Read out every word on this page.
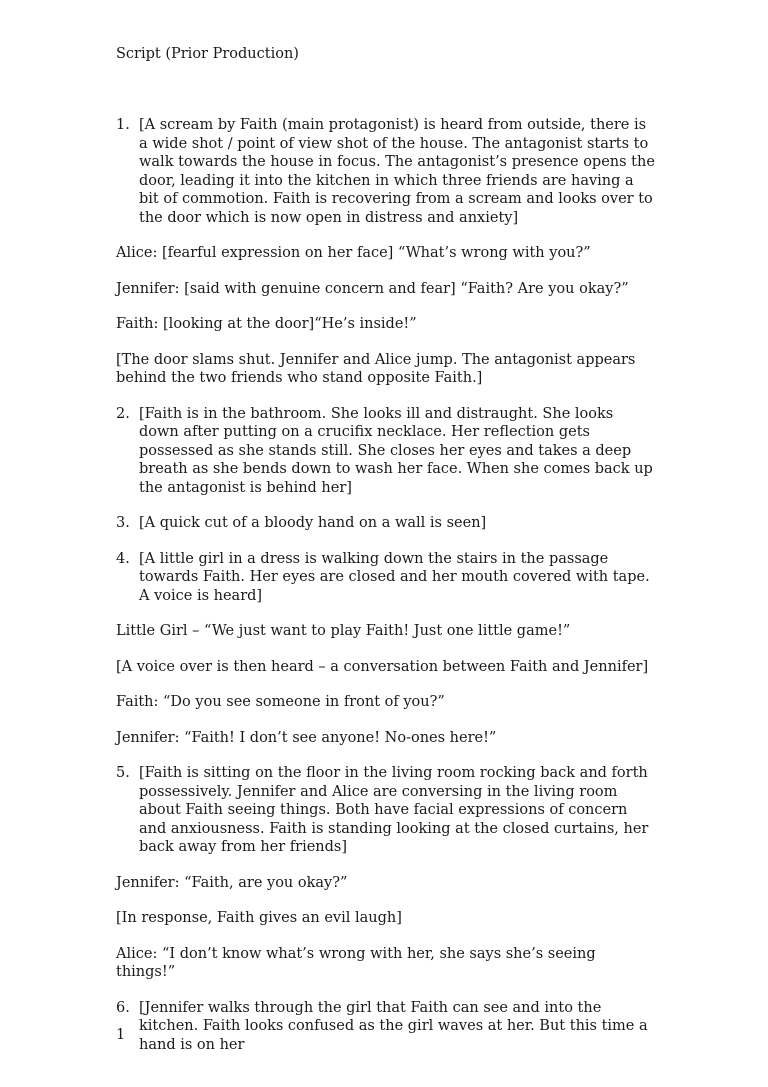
Script (Prior Production)
1. [A scream by Faith (main protagonist) is heard from outside, there is a wide shot / point of view shot of the house. The antagonist starts to walk towards the house in focus. The antagonist’s presence opens the door, leading it into the kitchen in which three friends are having a bit of commotion. Faith is recovering from a scream and looks over to the door which is now open in distress and anxiety]

Alice: [fearful expression on her face] “What’s wrong with you?”

Jennifer: [said with genuine concern and fear] “Faith? Are you okay?”

Faith: [looking at the door]“He’s inside!”

[The door slams shut. Jennifer and Alice jump. The antagonist appears behind the two friends who stand opposite Faith.]

2. [Faith is in the bathroom. She looks ill and distraught. She looks down after putting on a crucifix necklace. Her reflection gets possessed as she stands still. She closes her eyes and takes a deep breath as she bends down to wash her face. When she comes back up the antagonist is behind her]
3. [A quick cut of a bloody hand on a wall is seen]
4. [A little girl in a dress is walking down the stairs in the passage towards Faith. Her eyes are closed and her mouth covered with tape. A voice is heard]

Little Girl – “We just want to play Faith! Just one little game!”

[A voice over is then heard – a conversation between Faith and Jennifer]

Faith: “Do you see someone in front of you?”

Jennifer: “Faith! I don’t see anyone! No-ones here!”

5. [Faith is sitting on the floor in the living room rocking back and forth possessively. Jennifer and Alice are conversing in the living room about Faith seeing things. Both have facial expressions of concern and anxiousness. Faith is standing looking at the closed curtains, her back away from her friends]

Jennifer: “Faith, are you okay?”

[In response, Faith gives an evil laugh]

Alice: “I don’t know what’s wrong with her, she says she’s seeing things!”

6. [Jennifer walks through the girl that Faith can see and into the kitchen. Faith looks confused as the girl waves at her. But this time a hand is on her
1
